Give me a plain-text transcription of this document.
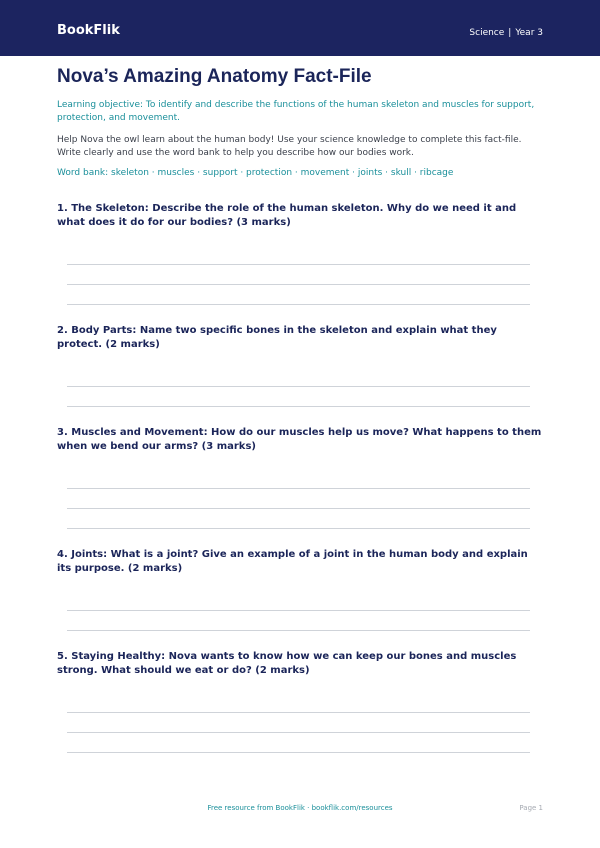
BookFlik	Science | Year 3
Nova’s Amazing Anatomy Fact-File
Learning objective: To identify and describe the functions of the human skeleton and muscles for support, protection, and movement.
Help Nova the owl learn about the human body! Use your science knowledge to complete this fact-file. Write clearly and use the word bank to help you describe how our bodies work.
Word bank: skeleton · muscles · support · protection · movement · joints · skull · ribcage
1. The Skeleton: Describe the role of the human skeleton. Why do we need it and what does it do for our bodies? (3 marks)
2. Body Parts: Name two specific bones in the skeleton and explain what they protect. (2 marks)
3. Muscles and Movement: How do our muscles help us move? What happens to them when we bend our arms? (3 marks)
4. Joints: What is a joint? Give an example of a joint in the human body and explain its purpose. (2 marks)
5. Staying Healthy: Nova wants to know how we can keep our bones and muscles strong. What should we eat or do? (2 marks)
Free resource from BookFlik · bookflik.com/resources	Page 1
